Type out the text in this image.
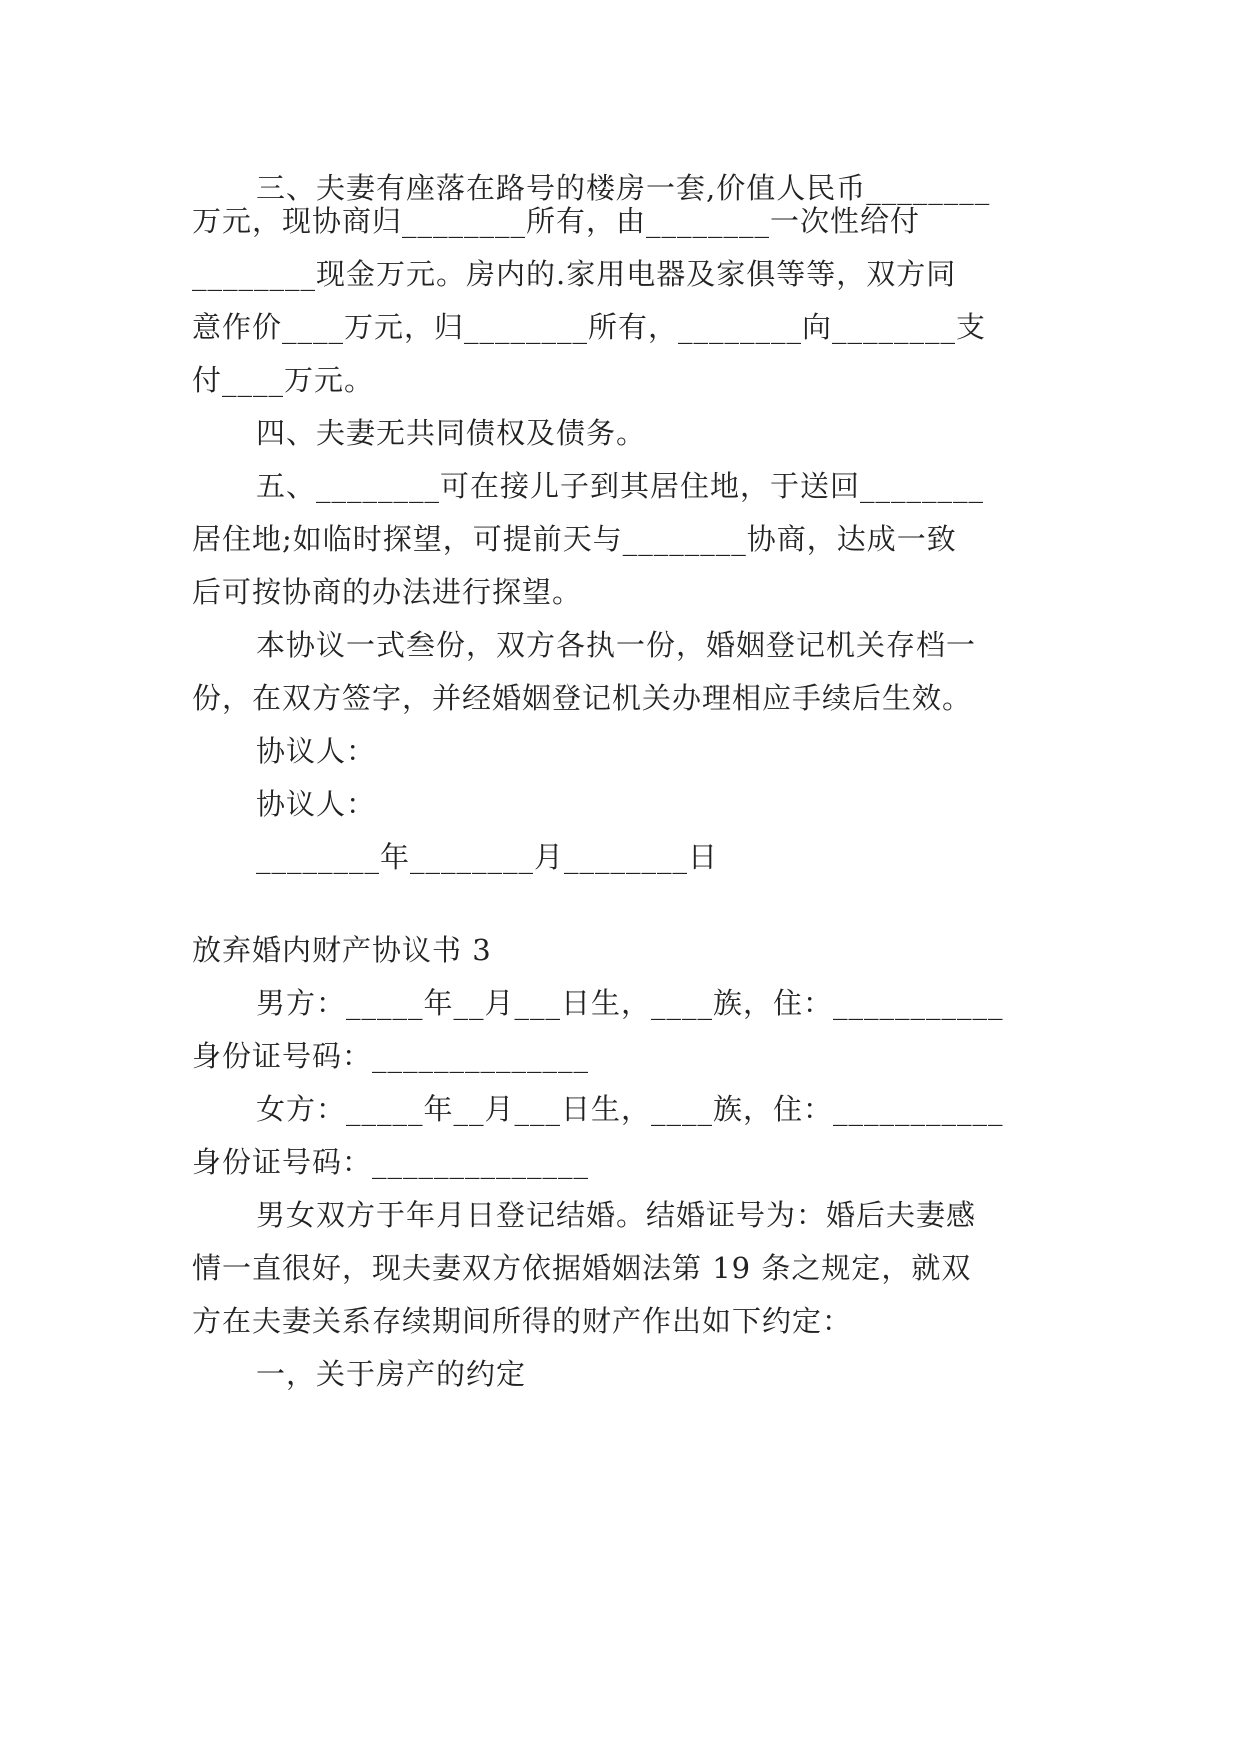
三、夫妻有座落在路号的楼房一套,价值人民币________
万元，现协商归________所有，由________一次性给付
________现金万元。房内的.家用电器及家俱等等，双方同
意作价____万元，归________所有，________向________支
付____万元。
四、夫妻无共同债权及债务。
五、________可在接儿子到其居住地，于送回________
居住地;如临时探望，可提前天与________协商，达成一致
后可按协商的办法进行探望。
本协议一式叁份，双方各执一份，婚姻登记机关存档一
份，在双方签字，并经婚姻登记机关办理相应手续后生效。
协议人：
协议人：
________年________月________日
放弃婚内财产协议书 3
男方：_____年__月___日生，____族，住：___________
身份证号码：______________
女方：_____年__月___日生，____族，住：___________
身份证号码：______________
男女双方于年月日登记结婚。结婚证号为：婚后夫妻感
情一直很好，现夫妻双方依据婚姻法第 19 条之规定，就双
方在夫妻关系存续期间所得的财产作出如下约定：
一，关于房产的约定
